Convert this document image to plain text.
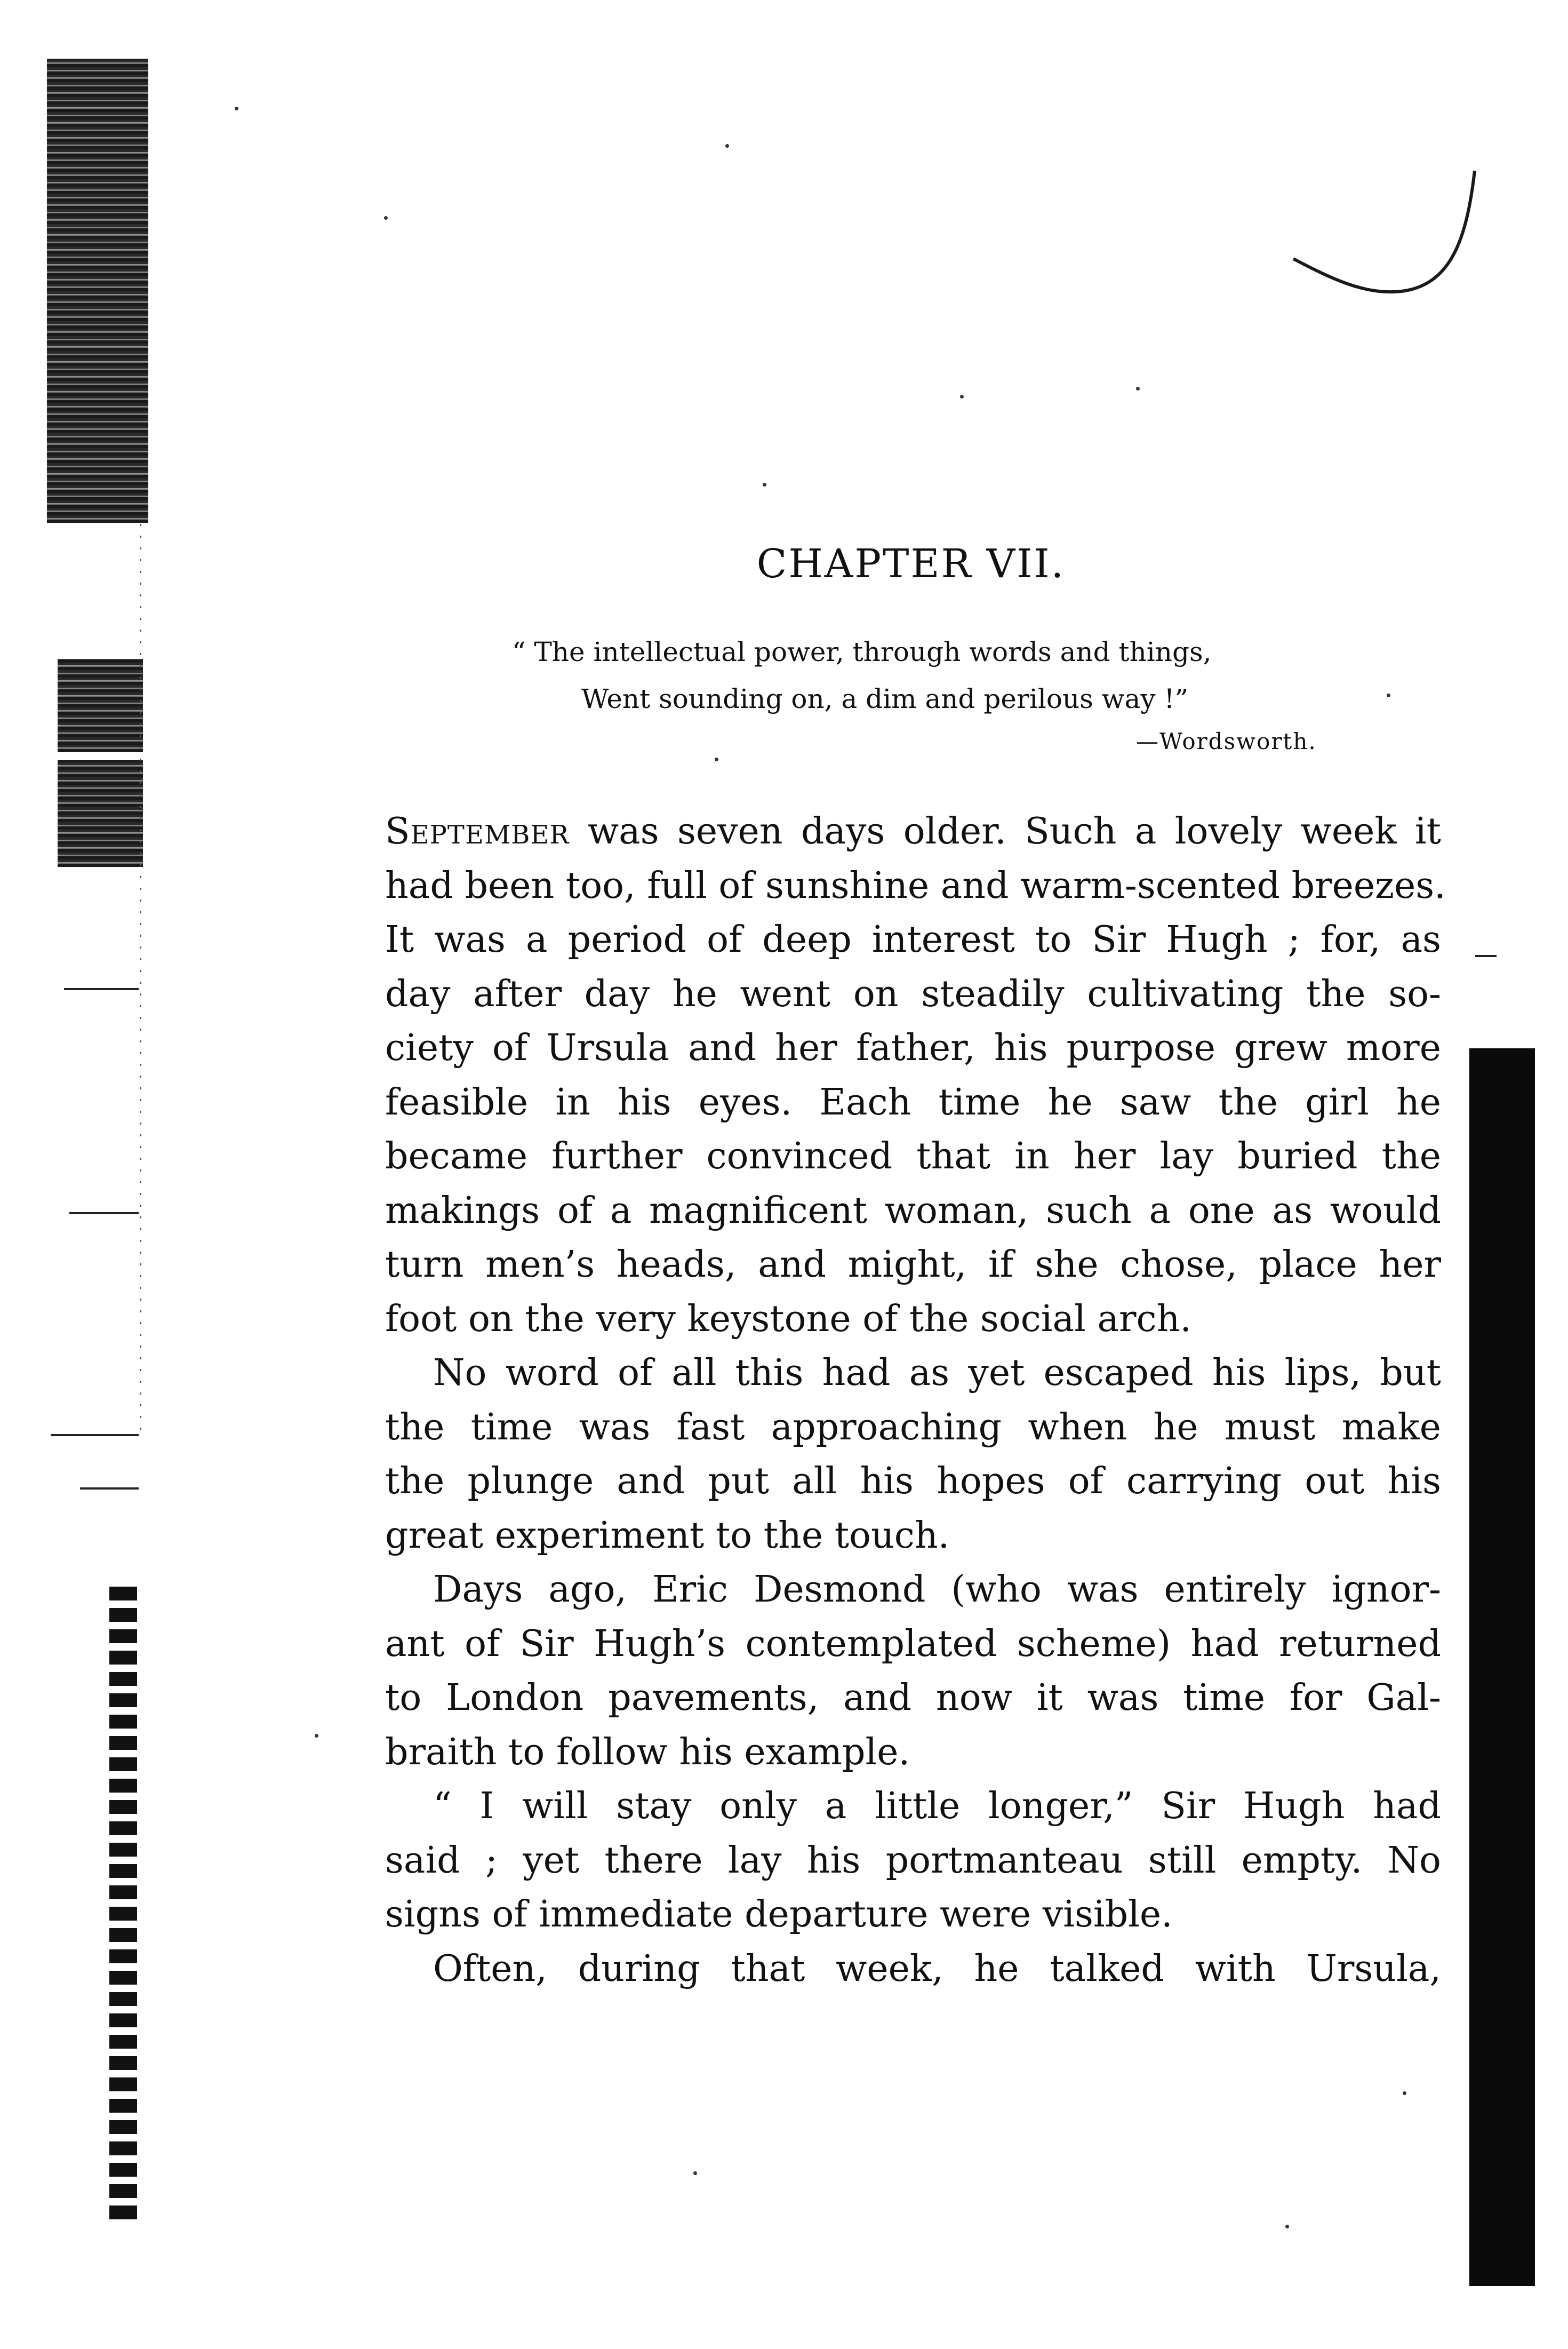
CHAPTER VII.
“ The intellectual power, through words and things,
Went sounding on, a dim and perilous way !”
—Wordsworth.

September was seven days older. Such a lovely week it
had been too, full of sunshine and warm-scented breezes.
It was a period of deep interest to Sir Hugh ; for, as
day after day he went on steadily cultivating the so-
ciety of Ursula and her father, his purpose grew more
feasible in his eyes. Each time he saw the girl he
became further convinced that in her lay buried the
makings of a magnificent woman, such a one as would
turn men’s heads, and might, if she chose, place her
foot on the very keystone of the social arch.

No word of all this had as yet escaped his lips, but
the time was fast approaching when he must make
the plunge and put all his hopes of carrying out his
great experiment to the touch.

Days ago, Eric Desmond (who was entirely ignor-
ant of Sir Hugh’s contemplated scheme) had returned
to London pavements, and now it was time for Gal-
braith to follow his example.

“ I will stay only a little longer,” Sir Hugh had
said ; yet there lay his portmanteau still empty. No
signs of immediate departure were visible.

Often, during that week, he talked with Ursula,
